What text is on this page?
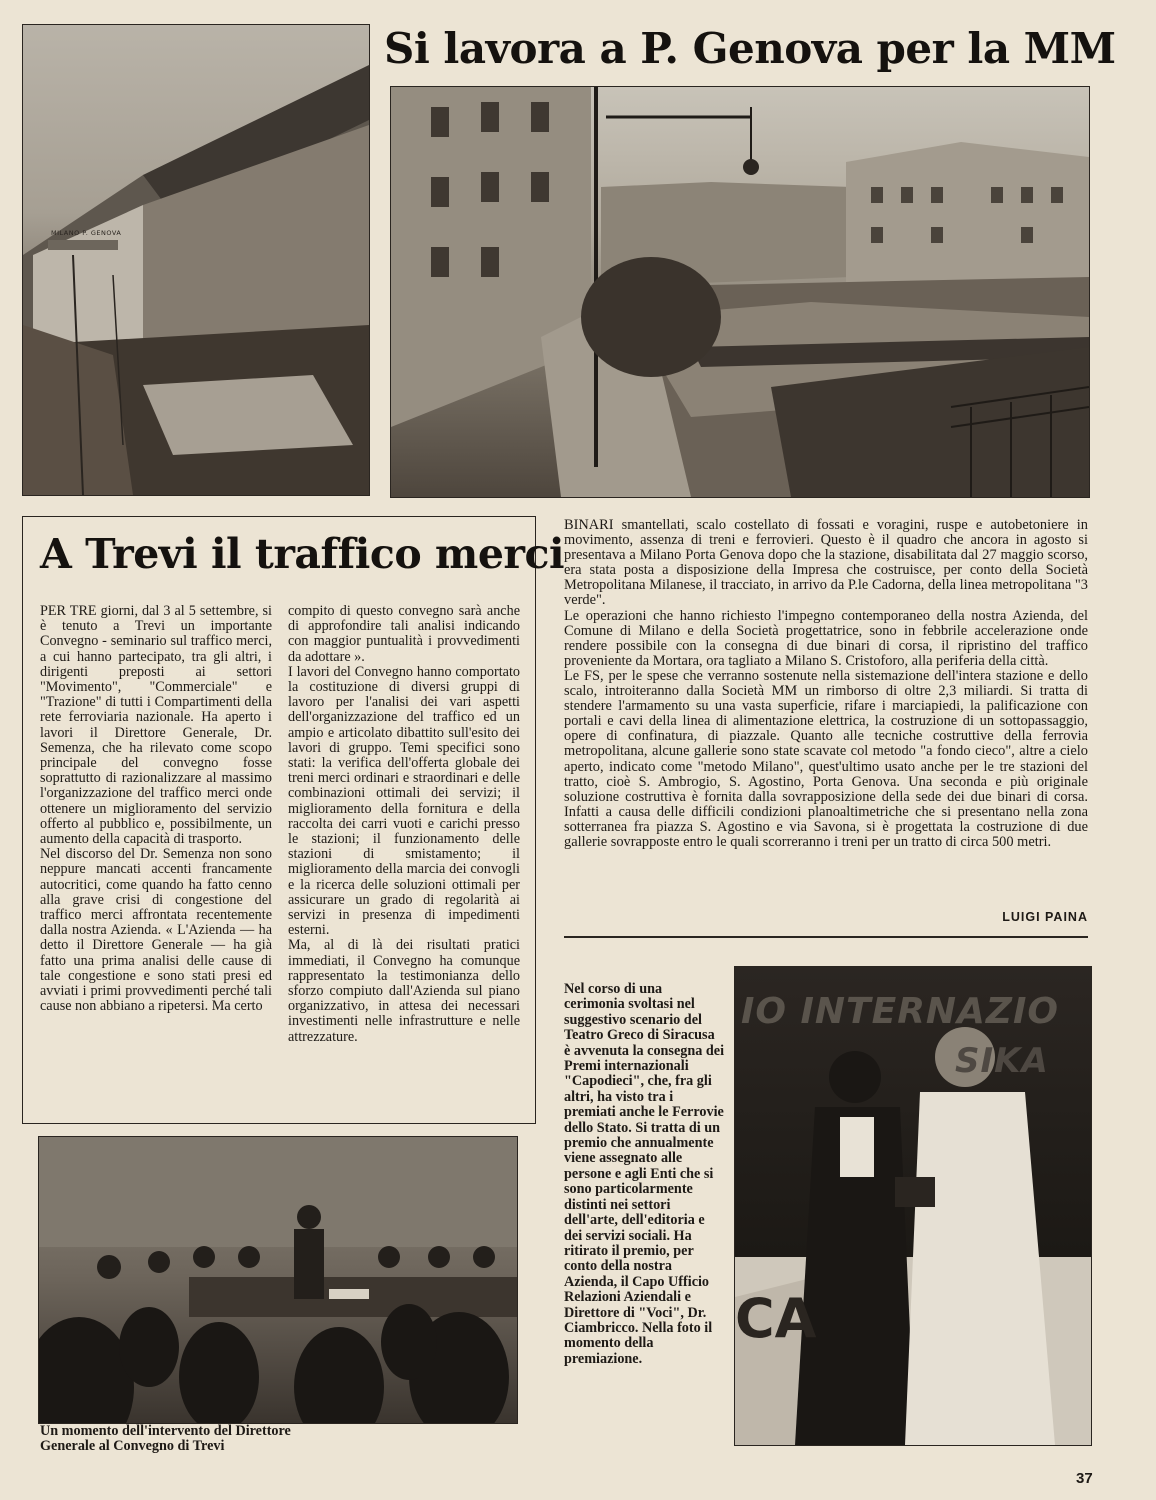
MILANO P. GENOVA
Si lavora a P. Genova per la MM
A Trevi il traffico merci

PER TRE giorni, dal 3 al 5 settembre, si è tenuto a Trevi un importante Convegno - seminario sul traffico merci, a cui hanno partecipato, tra gli altri, i dirigenti preposti ai settori "Movimento", "Commerciale" e "Trazione" di tutti i Compartimenti della rete ferroviaria nazionale. Ha aperto i lavori il Direttore Generale, Dr. Semenza, che ha rilevato come scopo principale del convegno fosse soprattutto di razionalizzare al massimo l'organizzazione del traffico merci onde ottenere un miglioramento del servizio offerto al pubblico e, possibilmente, un aumento della capacità di trasporto.

Nel discorso del Dr. Semenza non sono neppure mancati accenti francamente autocritici, come quando ha fatto cenno alla grave crisi di congestione del traffico merci affrontata recentemente dalla nostra Azienda. « L'Azienda — ha detto il Direttore Generale — ha già fatto una prima analisi delle cause di tale congestione e sono stati presi ed avviati i primi provvedimenti perché tali cause non abbiano a ripetersi. Ma certo

compito di questo convegno sarà anche di approfondire tali analisi indicando con maggior puntualità i provvedimenti da adottare ».

I lavori del Convegno hanno comportato la costituzione di diversi gruppi di lavoro per l'analisi dei vari aspetti dell'organizzazione del traffico ed un ampio e articolato dibattito sull'esito dei lavori di gruppo. Temi specifici sono stati: la verifica dell'offerta globale dei treni merci ordinari e straordinari e delle combinazioni ottimali dei servizi; il miglioramento della fornitura e della raccolta dei carri vuoti e carichi presso le stazioni; il funzionamento delle stazioni di smistamento; il miglioramento della marcia dei convogli e la ricerca delle soluzioni ottimali per assicurare un grado di regolarità ai servizi in presenza di impedimenti esterni.

Ma, al di là dei risultati pratici immediati, il Convegno ha comunque rappresentato la testimonianza dello sforzo compiuto dall'Azienda sul piano organizzativo, in attesa dei necessari investimenti nelle infrastrutture e nelle attrezzature.

Un momento dell'intervento del Direttore Generale al Convegno di Trevi

BINARI smantellati, scalo costellato di fossati e voragini, ruspe e autobetoniere in movimento, assenza di treni e ferrovieri. Questo è il quadro che ancora in agosto si presentava a Milano Porta Genova dopo che la stazione, disabilitata dal 27 maggio scorso, era stata posta a disposizione della Impresa che costruisce, per conto della Società Metropolitana Milanese, il tracciato, in arrivo da P.le Cadorna, della linea metropolitana "3 verde".

Le operazioni che hanno richiesto l'impegno contemporaneo della nostra Azienda, del Comune di Milano e della Società progettatrice, sono in febbrile accelerazione onde rendere possibile con la consegna di due binari di corsa, il ripristino del traffico proveniente da Mortara, ora tagliato a Milano S. Cristoforo, alla periferia della città.

Le FS, per le spese che verranno sostenute nella sistemazione dell'intera stazione e dello scalo, introiteranno dalla Società MM un rimborso di oltre 2,3 miliardi. Si tratta di stendere l'armamento su una vasta superficie, rifare i marciapiedi, la palificazione con portali e cavi della linea di alimentazione elettrica, la costruzione di un sottopassaggio, opere di confinatura, di piazzale. Quanto alle tecniche costruttive della ferrovia metropolitana, alcune gallerie sono state scavate col metodo "a fondo cieco", altre a cielo aperto, indicato come "metodo Milano", quest'ultimo usato anche per le tre stazioni del tratto, cioè S. Ambrogio, S. Agostino, Porta Genova. Una seconda e più originale soluzione costruttiva è fornita dalla sovrapposizione della sede dei due binari di corsa. Infatti a causa delle difficili condizioni planoaltimetriche che si presentano nella zona sotterranea fra piazza S. Agostino e via Savona, si è progettata la costruzione di due gallerie sovrapposte entro le quali scorreranno i treni per un tratto di circa 500 metri.

LUIGI PAINA
Nel corso di una cerimonia svoltasi nel suggestivo scenario del Teatro Greco di Siracusa è avvenuta la consegna dei Premi internazionali "Capodieci", che, fra gli altri, ha visto tra i premiati anche le Ferrovie dello Stato. Si tratta di un premio che annualmente viene assegnato alle persone e agli Enti che si sono particolarmente distinti nei settori dell'arte, dell'editoria e dei servizi sociali. Ha ritirato il premio, per conto della nostra Azienda, il Capo Ufficio Relazioni Aziendali e Direttore di "Voci", Dr. Ciambricco. Nella foto il momento della premiazione.
CA
IO INTERNAZIO
SIKA
37
